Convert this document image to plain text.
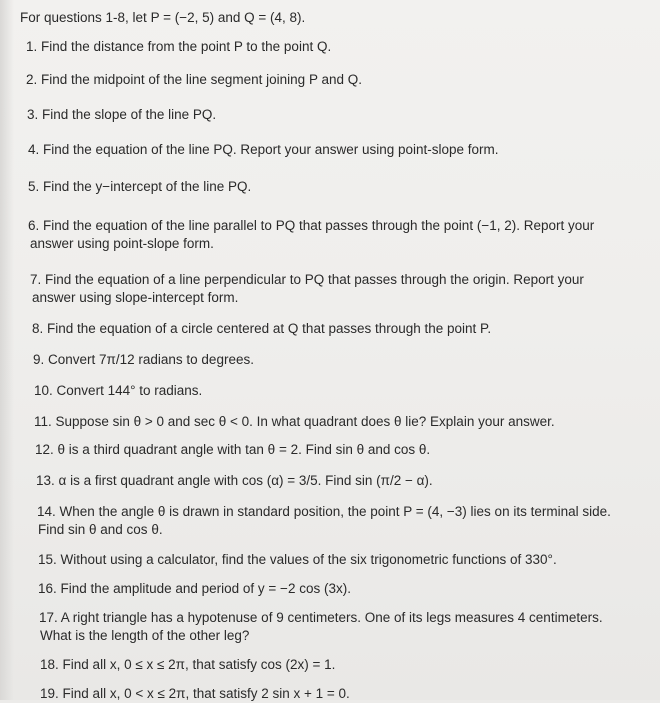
For questions 1-8, let P = (−2, 5) and Q = (4, 8).
1. Find the distance from the point P to the point Q.
2. Find the midpoint of the line segment joining P and Q.
3. Find the slope of the line PQ.
4. Find the equation of the line PQ. Report your answer using point-slope form.
5. Find the y−intercept of the line PQ.
6. Find the equation of the line parallel to PQ that passes through the point (−1, 2). Report your
answer using point-slope form.
7. Find the equation of a line perpendicular to PQ that passes through the origin. Report your
answer using slope-intercept form.
8. Find the equation of a circle centered at Q that passes through the point P.
9. Convert 7π/12 radians to degrees.
10. Convert 144° to radians.
11. Suppose sin θ > 0 and sec θ < 0. In what quadrant does θ lie? Explain your answer.
12. θ is a third quadrant angle with tan θ = 2. Find sin θ and cos θ.
13. α is a first quadrant angle with cos (α) = 3/5. Find sin (π/2 − α).
14. When the angle θ is drawn in standard position, the point P = (4, −3) lies on its terminal side.
Find sin θ and cos θ.
15. Without using a calculator, find the values of the six trigonometric functions of 330°.
16. Find the amplitude and period of y = −2 cos (3x).
17. A right triangle has a hypotenuse of 9 centimeters. One of its legs measures 4 centimeters.
What is the length of the other leg?
18. Find all x, 0 ≤ x ≤ 2π, that satisfy cos (2x) = 1.
19. Find all x, 0 < x ≤ 2π, that satisfy 2 sin x + 1 = 0.
